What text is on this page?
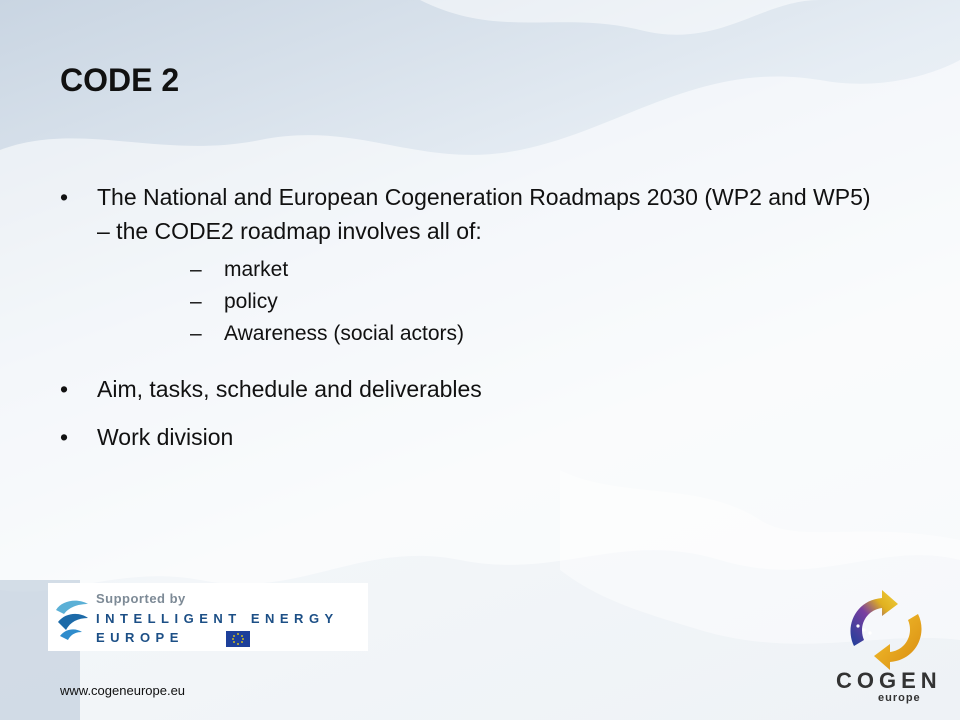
CODE 2
• The National and European Cogeneration Roadmaps 2030 (WP2 and WP5) – the CODE2 roadmap involves all of:
– market
– policy
– Awareness (social actors)
• Aim, tasks, schedule and deliverables
• Work division
Supported by
INTELLIGENT ENERGY
EUROPE
www.cogeneurope.eu	COGEN
europe
